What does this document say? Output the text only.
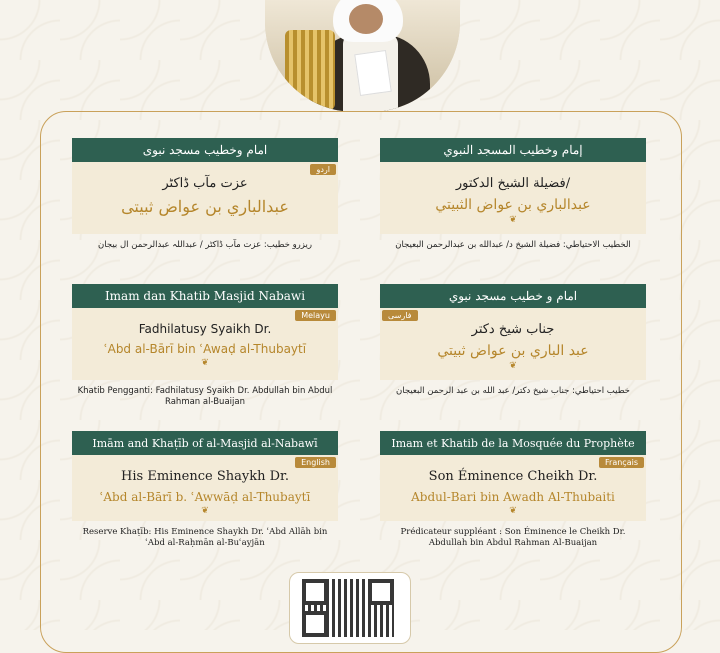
امام وخطیب مسجد نبوی
اردو
عزت مآب ڈاکٹر
عبدالباري بن عواض ثبیتی
ریزرو خطیب: عزت مآب ڈاکٹر / عبداللہ عبدالرحمن ال بیجان
إمام وخطيب المسجد النبوي
فضيلة الشيخ الدكتور/
عبدالباري بن عواض الثبيتي
❦
الخطيب الاحتياطي: فضيلة الشيخ د/ عبدالله بن عبدالرحمن البعيجان
Imam dan Khatib Masjid Nabawi
Melayu
Fadhilatusy Syaikh Dr.
ʿAbd al-Bārī bin ʿAwaḍ al-Thubaytī
❦
Khatib Pengganti: Fadhilatusy Syaikh Dr. Abdullah bin Abdul Rahman al-Buaijan
امام و خطيب مسجد نبوي
فارسی
جناب شيخ دكتر
عبد الباري بن عواض ثبيتي
❦
خطيب احتياطي: جناب شيخ دكتر/ عبد الله بن عبد الرحمن البعيجان
Imām and Khaṭīb of al-Masjid al-Nabawī
English
His Eminence Shaykh Dr.
ʿAbd al-Bārī b. ʿAwwāḍ al-Thubaytī
❦
Reserve Khaṭīb: His Eminence Shaykh Dr. ʿAbd Allāh bin ʿAbd al-Raḥmān al-Buʿayjān
Imam et Khatib de la Mosquée du Prophète
Français
Son Éminence Cheikh Dr.
Abdul-Bari bin Awadh Al-Thubaiti
❦
Prédicateur suppléant : Son Éminence le Cheikh Dr. Abdullah bin Abdul Rahman Al-Buaijan
